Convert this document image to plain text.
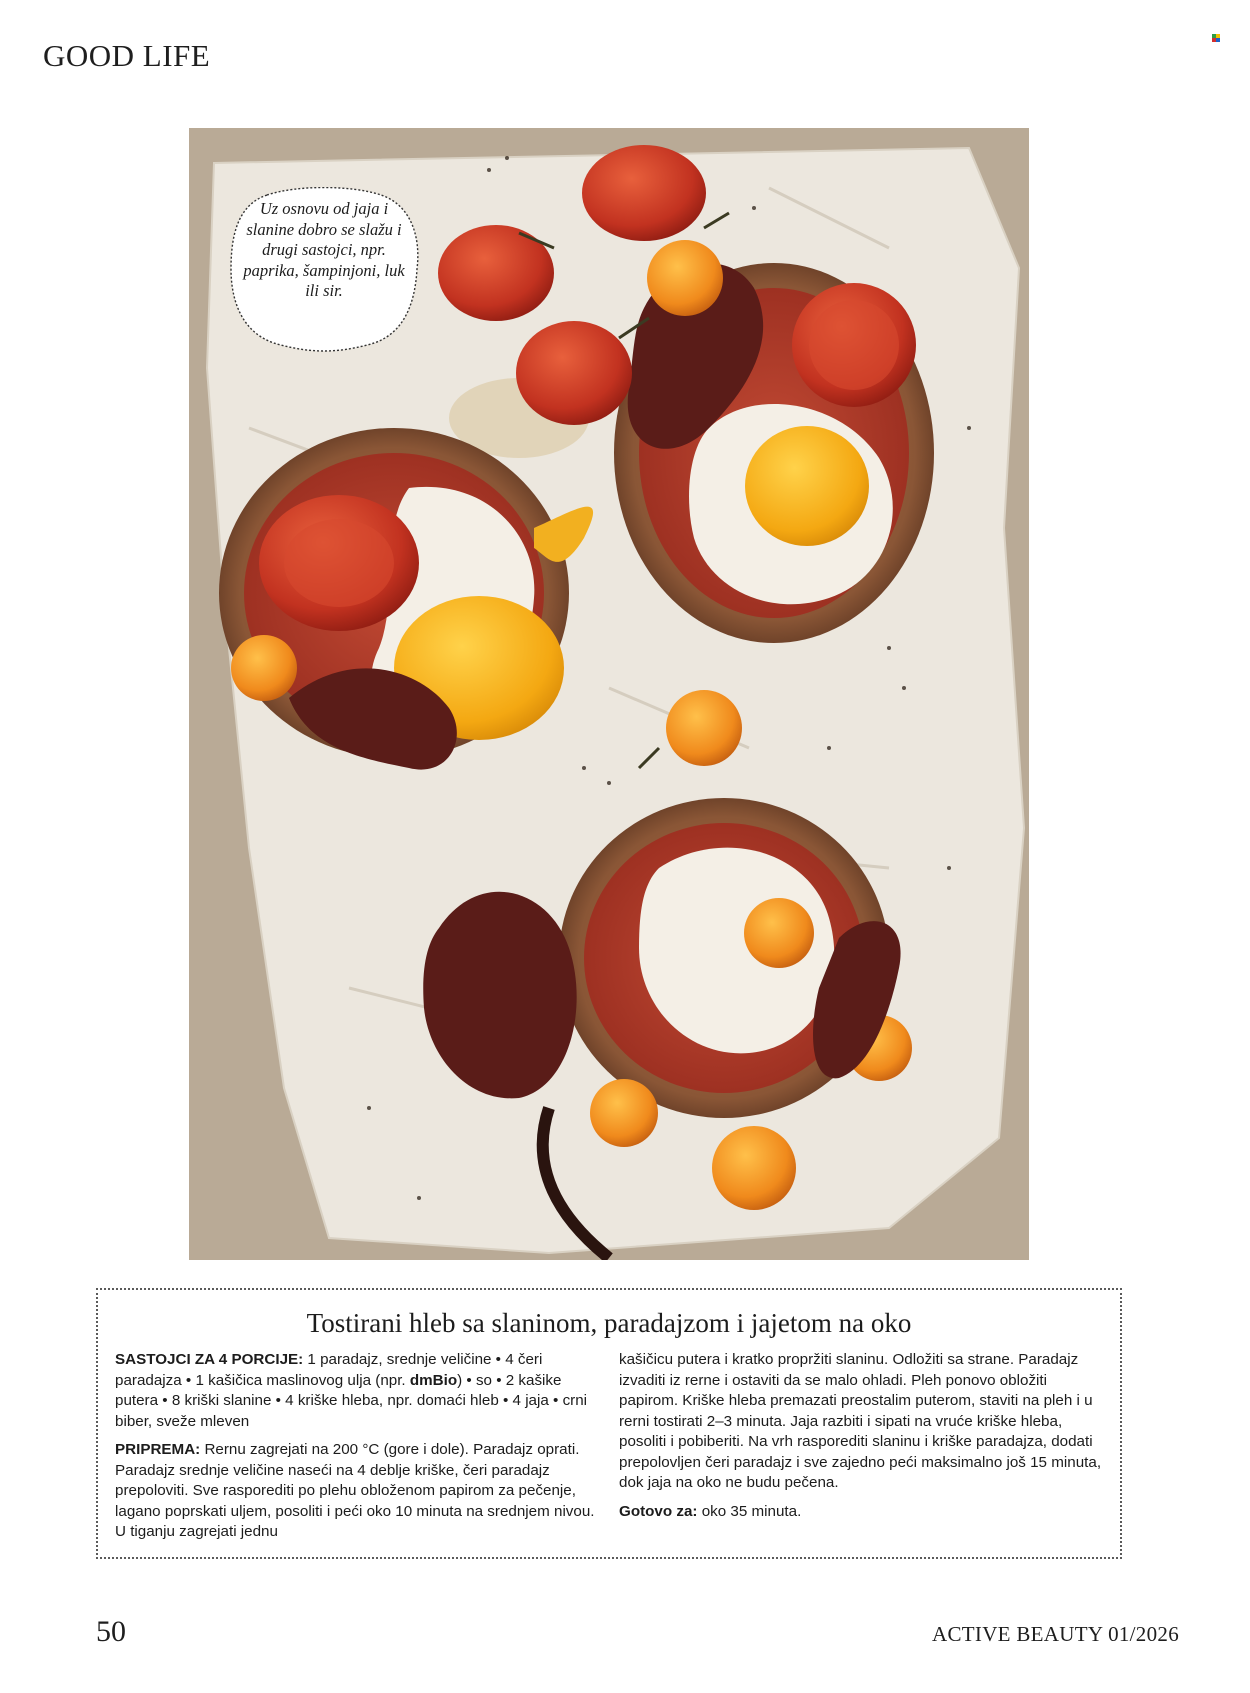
GOOD LIFE
Uz osnovu od jaja i slanine dobro se slažu i drugi sastojci, npr. paprika, šampinjoni, luk ili sir.
Tostirani hleb sa slaninom, paradajzom i jajetom na oko

SASTOJCI ZA 4 PORCIJE: 1 paradajz, srednje veličine • 4 čeri paradajza • 1 kašičica maslinovog ulja (npr. dmBio) • so • 2 kašike putera • 8 kriški slanine • 4 kriške hleba, npr. domaći hleb • 4 jaja • crni biber, sveže mleven

PRIPREMA: Rernu zagrejati na 200 °C (gore i dole). Paradajz oprati. Paradajz srednje veličine naseći na 4 deblje kriške, čeri paradajz prepoloviti. Sve rasporediti po plehu obloženom papirom za pečenje, lagano poprskati uljem, posoliti i peći oko 10 minuta na srednjem nivou. U tiganju zagrejati jednu

kašičicu putera i kratko propržiti slaninu. Odložiti sa strane. Paradajz izvaditi iz rerne i ostaviti da se malo ohladi. Pleh ponovo obložiti papirom. Kriške hleba premazati preostalim puterom, staviti na pleh i u rerni tostirati 2–3 minuta. Jaja razbiti i sipati na vruće kriške hleba, posoliti i pobiberiti. Na vrh rasporediti slaninu i kriške paradajza, dodati prepolovljen čeri paradajz i sve zajedno peći maksimalno još 15 minuta, dok jaja na oko ne budu pečena.

Gotovo za: oko 35 minuta.

50	ACTIVE BEAUTY 01/2026
